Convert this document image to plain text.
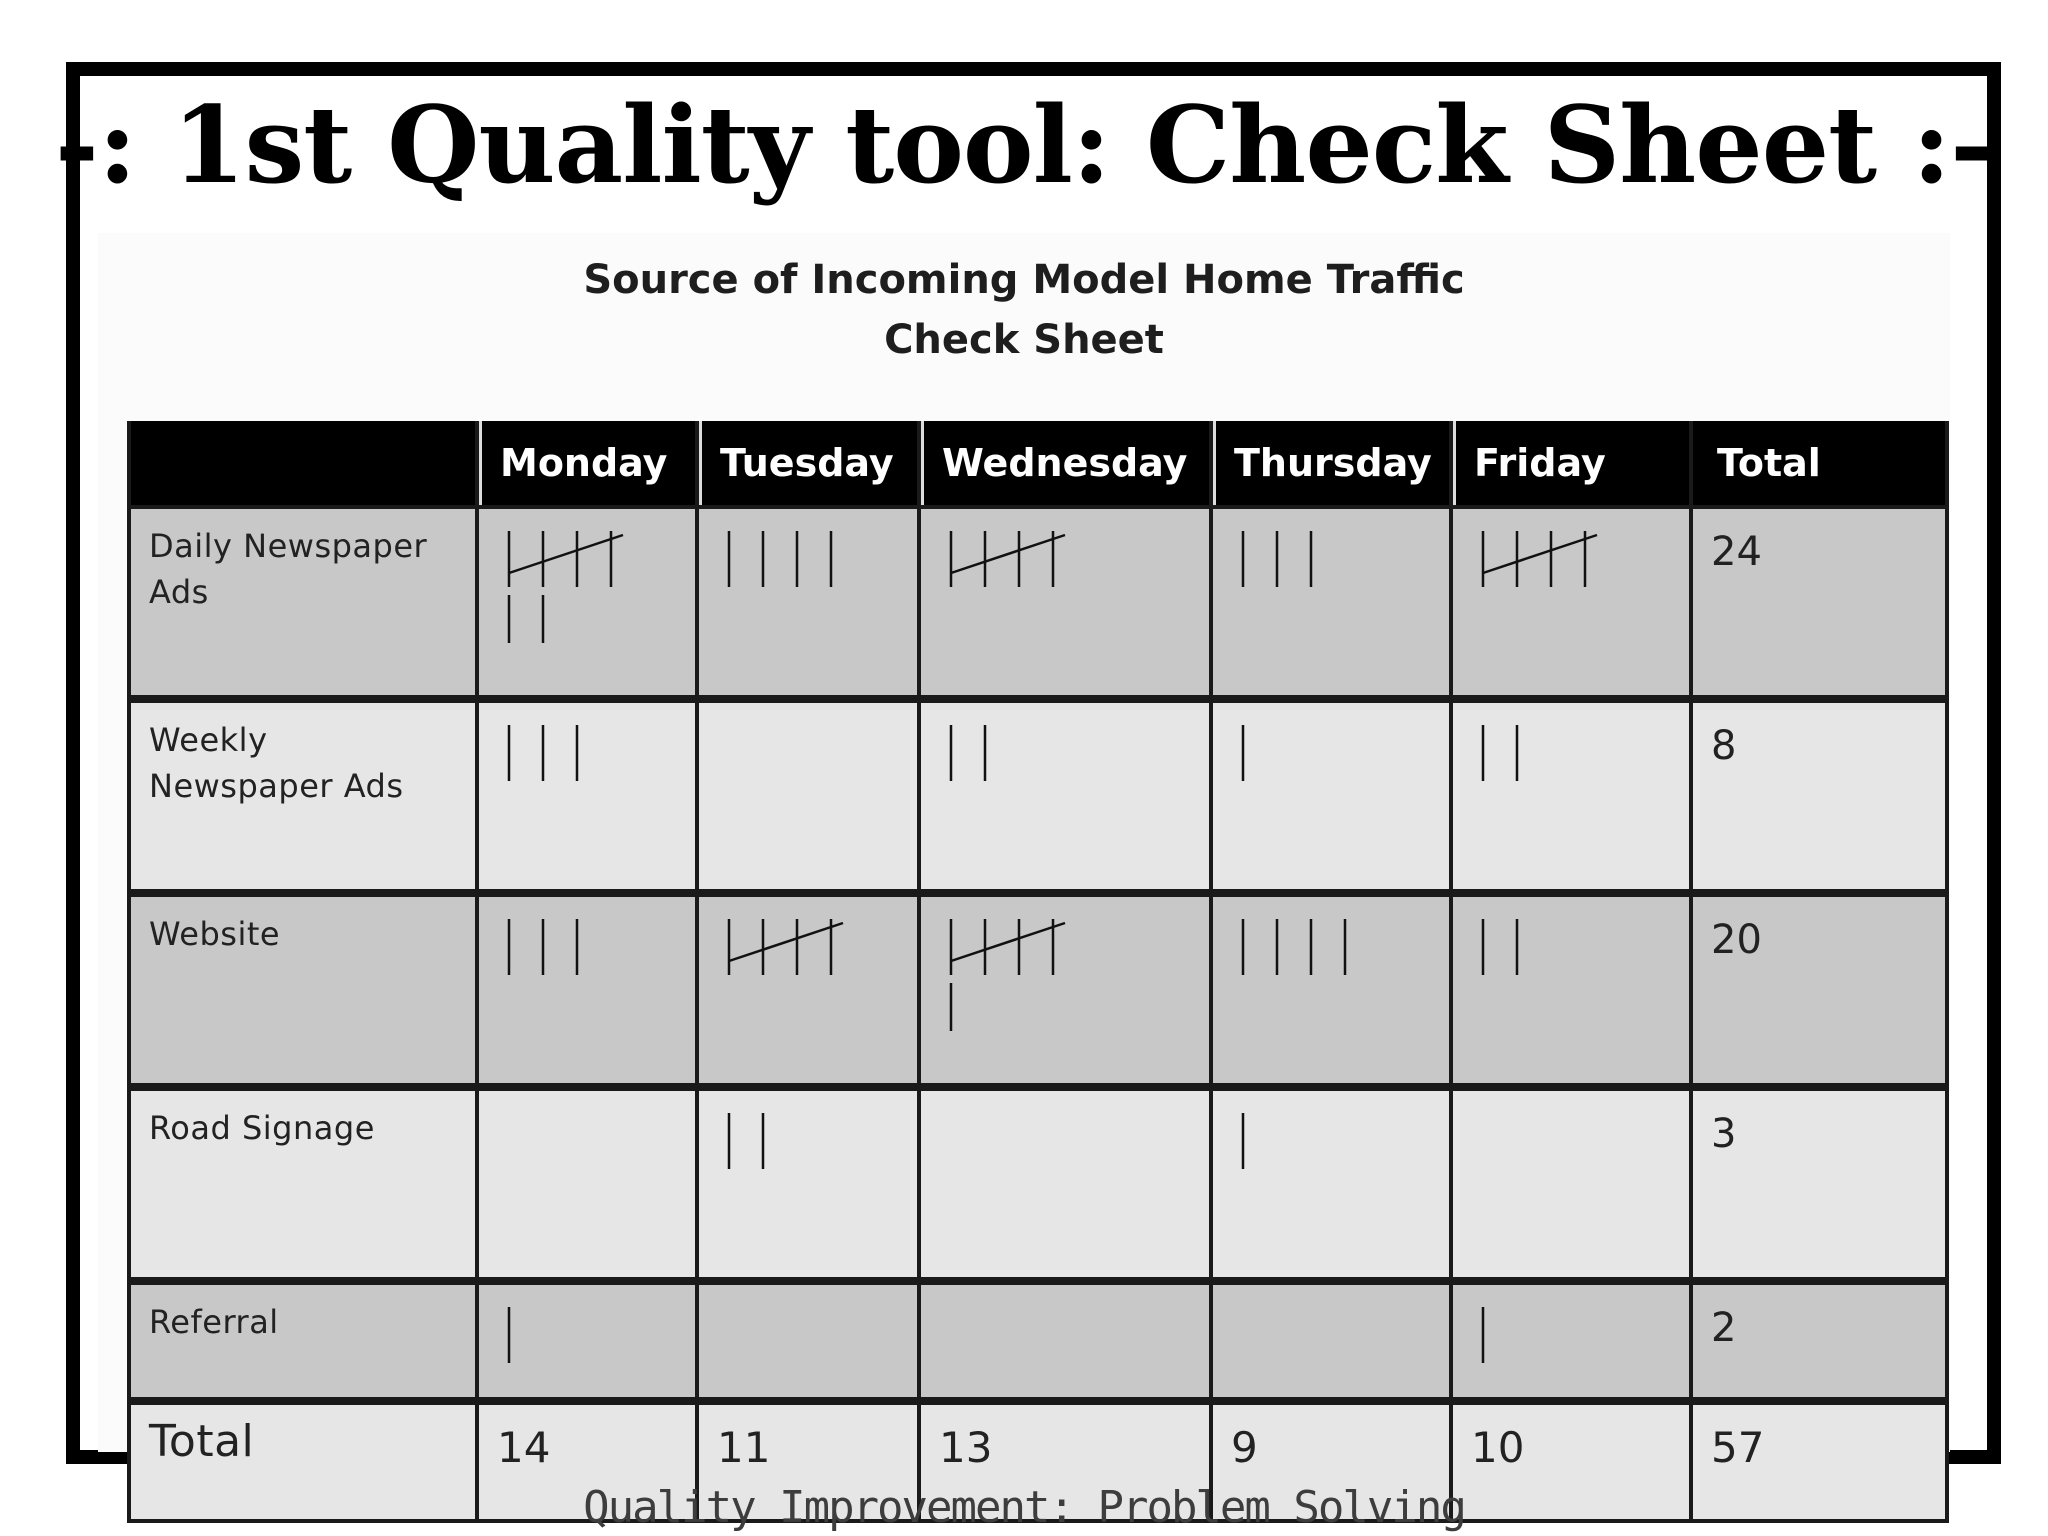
-: 1st Quality tool: Check Sheet :-
Source of Incoming Model Home Traffic
Check Sheet
	Monday	Tuesday	Wednesday	Thursday	Friday	Total

Daily Newspaper
Ads						24

Weekly
Newspaper Ads						8

Website						20

Road Signage						3

Referral						2
Total	14	11	13	9	10	57
Quality Improvement: Problem Solving
